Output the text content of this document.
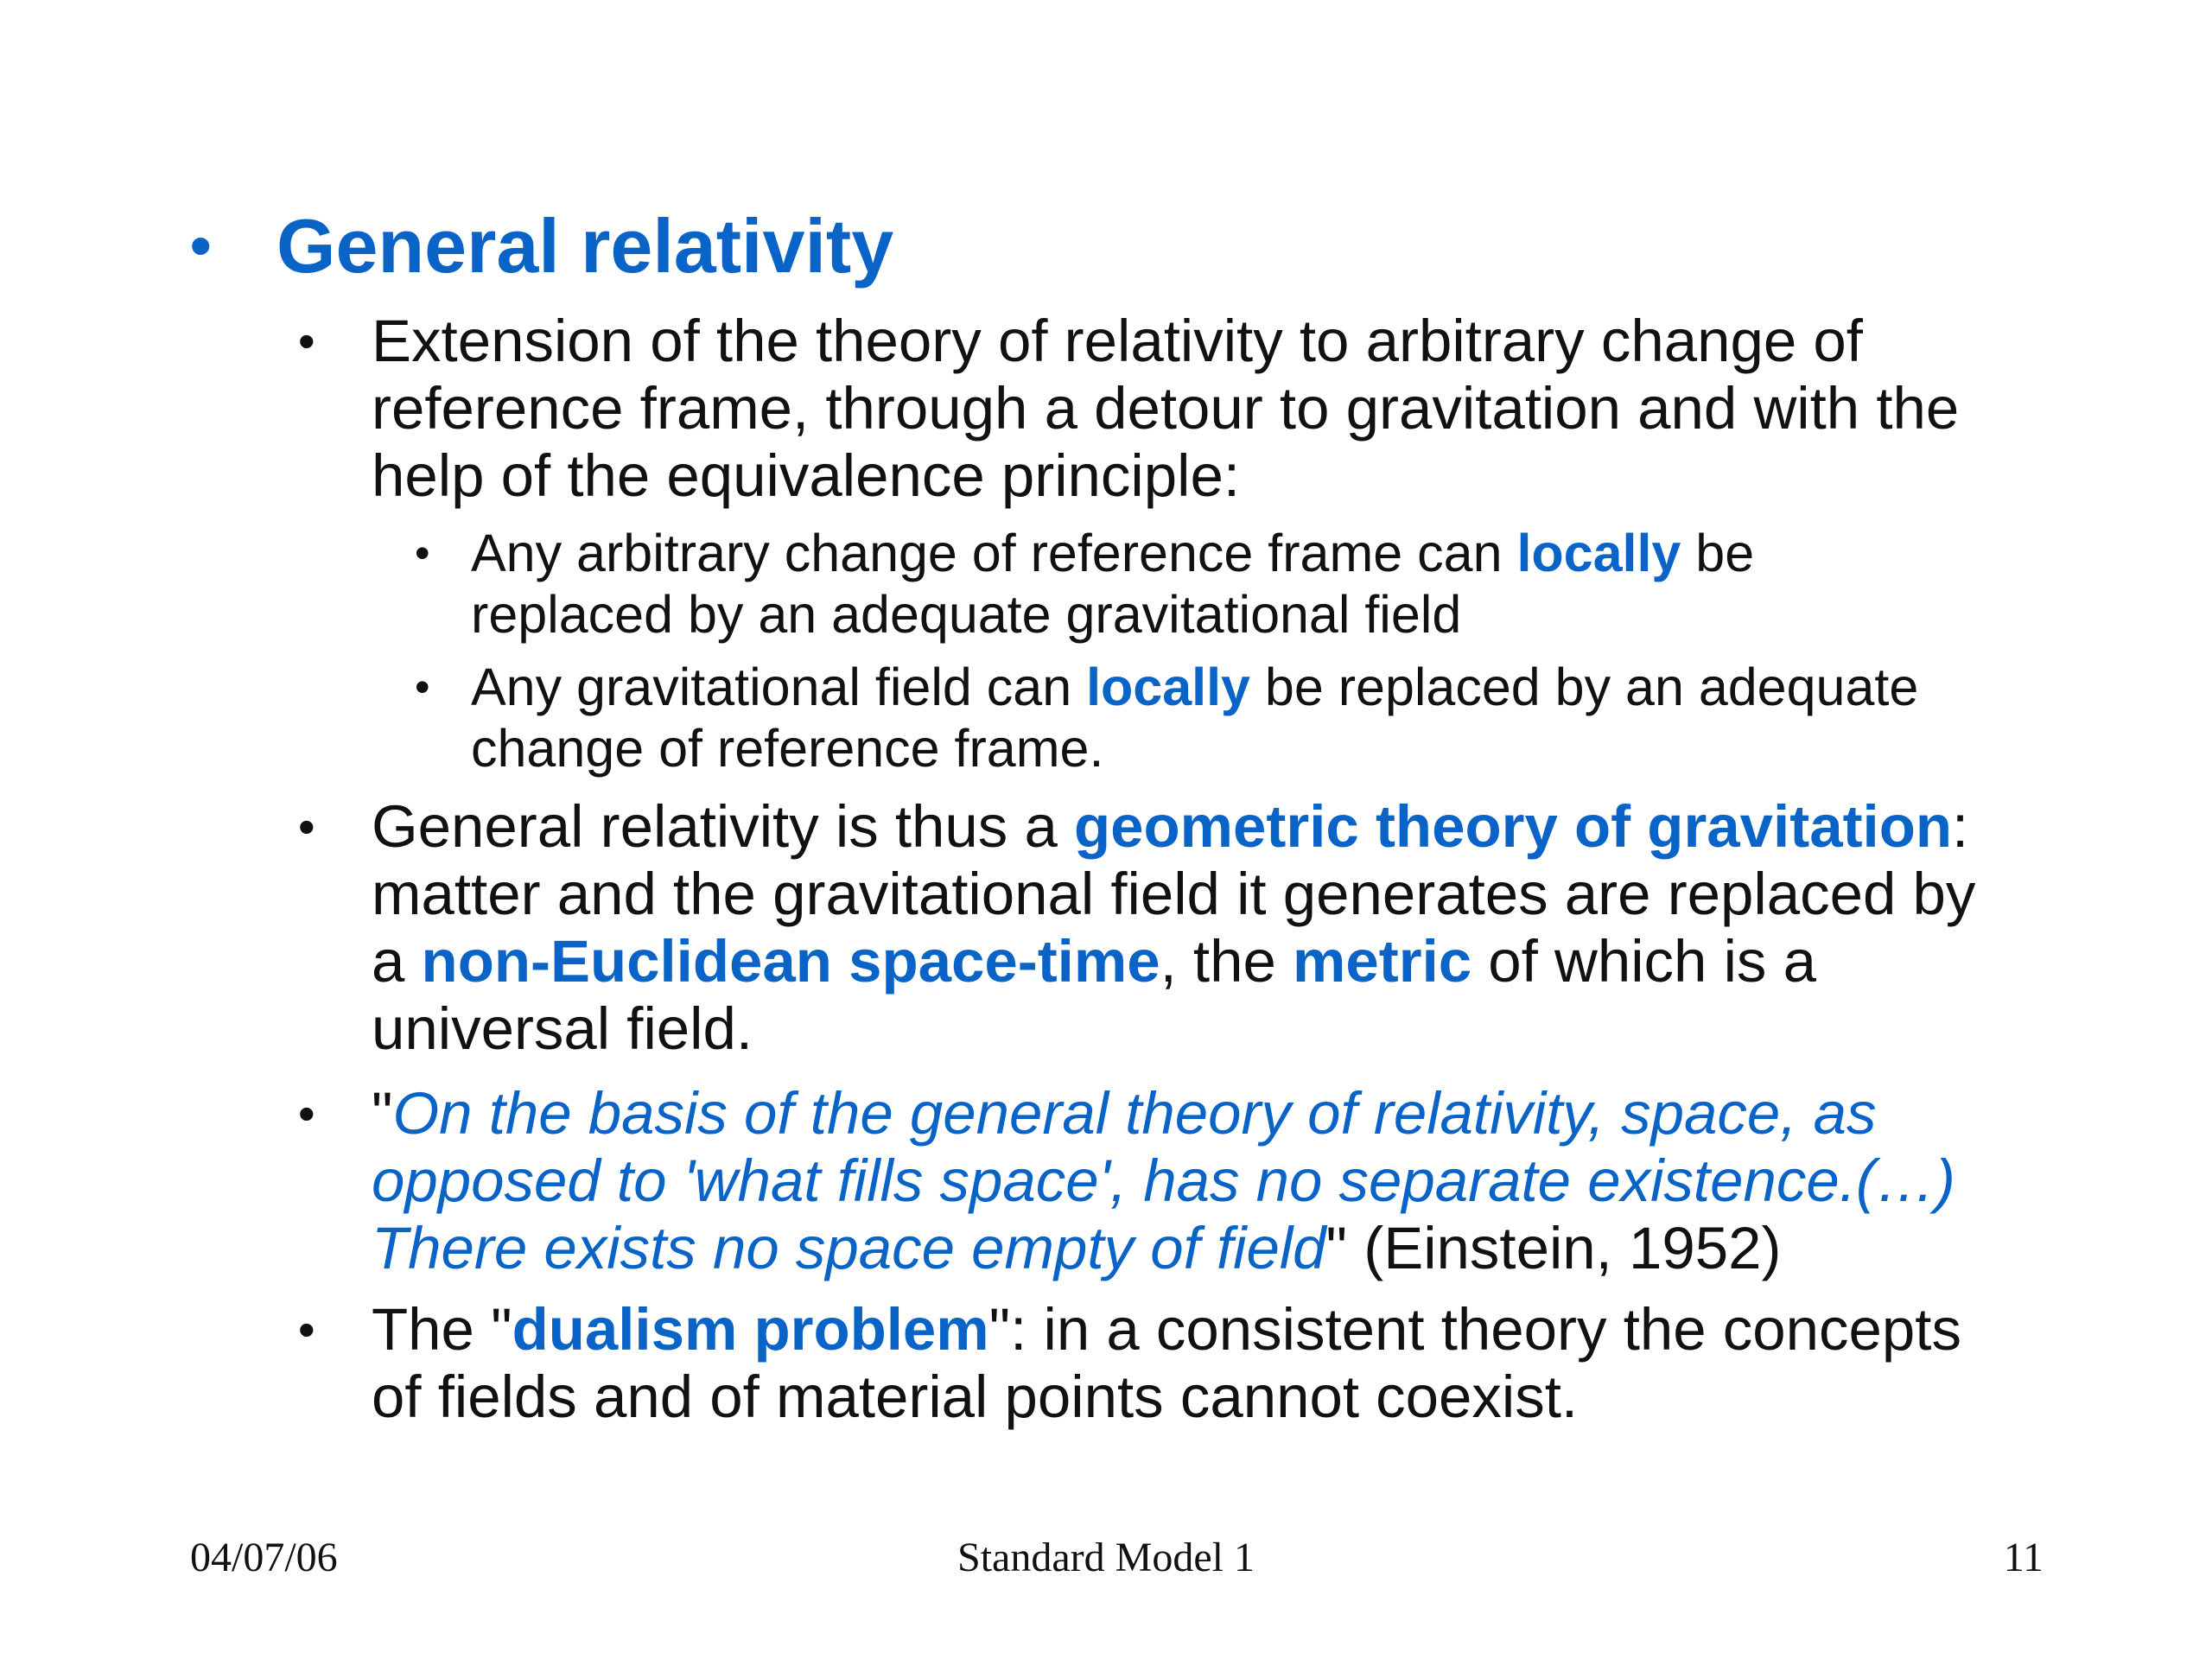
• General relativity
• Extension of the theory of relativity to arbitrary change of
reference frame, through a detour to gravitation and with the
help of the equivalence principle:
• Any arbitrary change of reference frame can locally be
replaced by an adequate gravitational field
• Any gravitational field can locally be replaced by an adequate
change of reference frame.
• General relativity is thus a geometric theory of gravitation:
matter and the gravitational field it generates are replaced by
a non-Euclidean space-time, the metric of which is a
universal field.
• "On the basis of the general theory of relativity, space, as
opposed to 'what fills space', has no separate existence.(…)
There exists no space empty of field" (Einstein, 1952)
• The "dualism problem": in a consistent theory the concepts
of fields and of material points cannot coexist.
04/07/06	Standard Model 1	11
